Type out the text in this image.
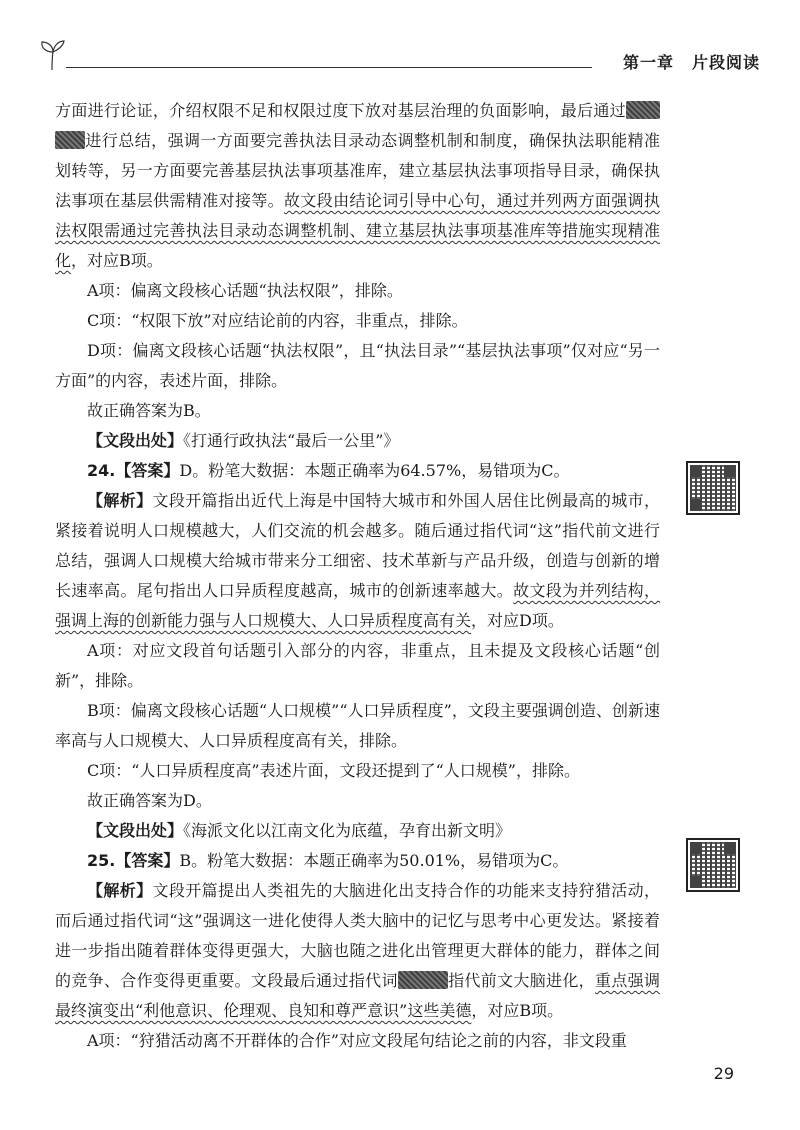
第一章 片段阅读

方面进行论证，介绍权限不足和权限过度下放对基层治理的负面影响，最后通过进行总结，强调一方面要完善执法目录动态调整机制和制度，确保执法职能精准划转等，另一方面要完善基层执法事项基准库，建立基层执法事项指导目录，确保执法事项在基层供需精准对接等。故文段由结论词引导中心句，通过并列两方面强调执法权限需通过完善执法目录动态调整机制、建立基层执法事项基准库等措施实现精准化，对应B项。

A项：偏离文段核心话题“执法权限”，排除。

C项：“权限下放”对应结论前的内容，非重点，排除。

D项：偏离文段核心话题“执法权限”，且“执法目录”“基层执法事项”仅对应“另一方面”的内容，表述片面，排除。

故正确答案为B。

【文段出处】《打通行政执法“最后一公里”》

24.【答案】D。粉笔大数据：本题正确率为64.57%，易错项为C。

【解析】文段开篇指出近代上海是中国特大城市和外国人居住比例最高的城市，紧接着说明人口规模越大，人们交流的机会越多。随后通过指代词“这”指代前文进行总结，强调人口规模大给城市带来分工细密、技术革新与产品升级，创造与创新的增长速率高。尾句指出人口异质程度越高，城市的创新速率越大。故文段为并列结构，强调上海的创新能力强与人口规模大、人口异质程度高有关，对应D项。

A项：对应文段首句话题引入部分的内容，非重点，且未提及文段核心话题“创新”，排除。

B项：偏离文段核心话题“人口规模”“人口异质程度”，文段主要强调创造、创新速率高与人口规模大、人口异质程度高有关，排除。

C项：“人口异质程度高”表述片面，文段还提到了“人口规模”，排除。

故正确答案为D。

【文段出处】《海派文化以江南文化为底蕴，孕育出新文明》

25.【答案】B。粉笔大数据：本题正确率为50.01%，易错项为C。

【解析】文段开篇提出人类祖先的大脑进化出支持合作的功能来支持狩猎活动，而后通过指代词“这”强调这一进化使得人类大脑中的记忆与思考中心更发达。紧接着进一步指出随着群体变得更强大，大脑也随之进化出管理更大群体的能力，群体之间的竞争、合作变得更重要。文段最后通过指代词	指代前文大脑进化，重点强调最终演变出“利他意识、伦理观、良知和尊严意识”这些美德，对应B项。

A项：“狩猎活动离不开群体的合作”对应文段尾句结论之前的内容，非文段重

29
